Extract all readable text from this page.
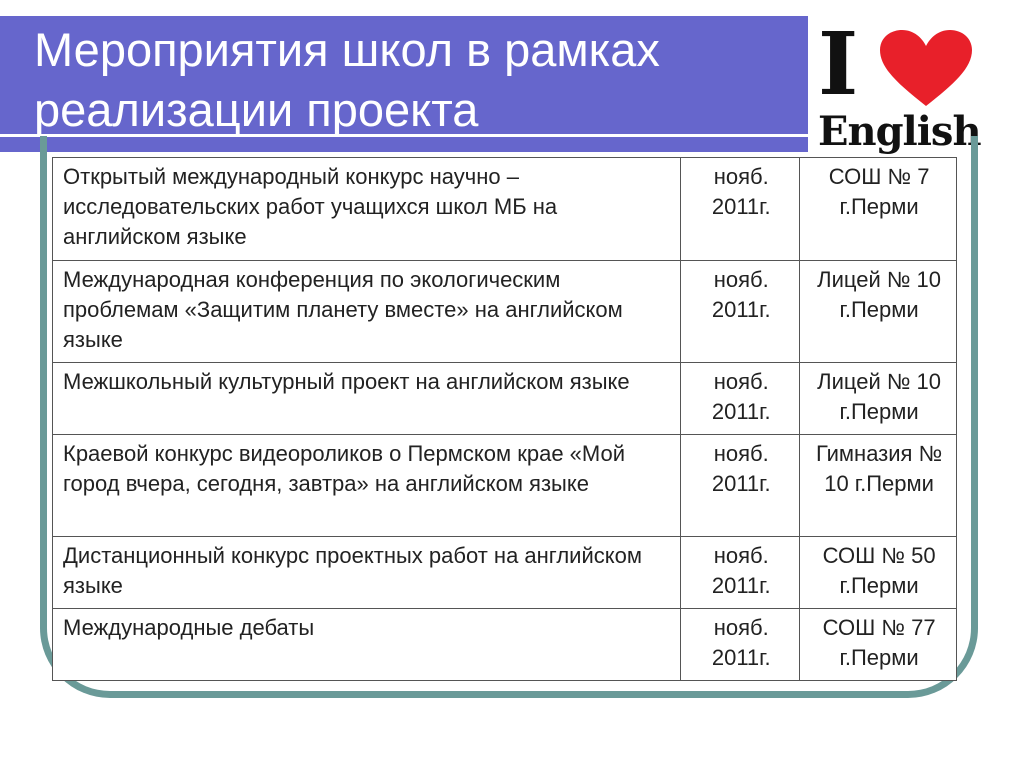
Мероприятия школ в рамках реализации проекта	I
English
Открытый международный конкурс научно – исследовательских работ учащихся школ МБ на английском языке	нояб. 2011г.	СОШ № 7 г.Перми
Международная конференция по экологическим проблемам «Защитим планету вместе» на английском языке	нояб. 2011г.	Лицей № 10 г.Перми
Межшкольный культурный проект на английском языке	нояб. 2011г.	Лицей № 10 г.Перми
Краевой конкурс видеороликов о Пермском крае «Мой город вчера, сегодня, завтра» на английском языке	нояб. 2011г.	Гимназия № 10 г.Перми
Дистанционный конкурс проектных работ на английском языке	нояб. 2011г.	СОШ № 50 г.Перми
Международные дебаты	нояб. 2011г.	СОШ № 77 г.Перми
